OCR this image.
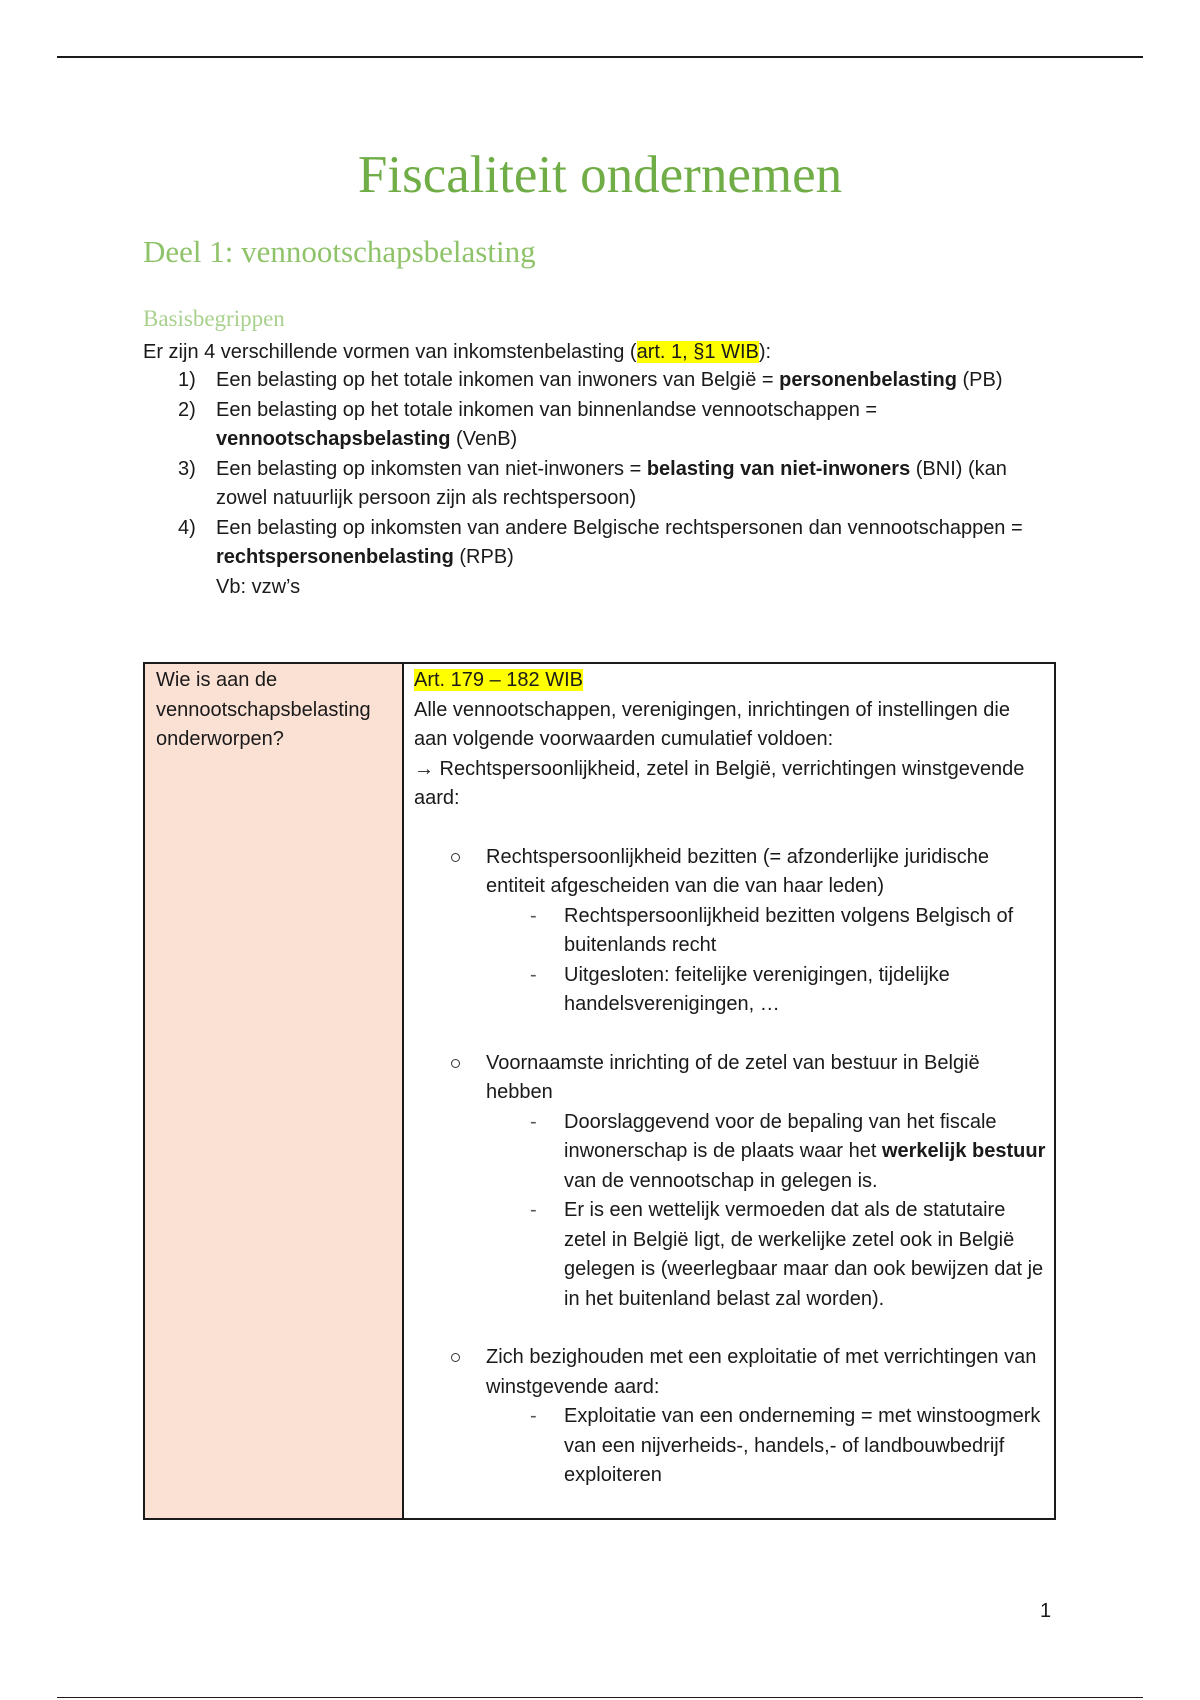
Fiscaliteit ondernemen
Deel 1: vennootschapsbelasting
Basisbegrippen
Er zijn 4 verschillende vormen van inkomstenbelasting (art. 1, §1 WIB):
1) Een belasting op het totale inkomen van inwoners van België = personenbelasting (PB)
2) Een belasting op het totale inkomen van binnenlandse vennootschappen = vennootschapsbelasting (VenB)
3) Een belasting op inkomsten van niet-inwoners = belasting van niet-inwoners (BNI) (kan zowel natuurlijk persoon zijn als rechtspersoon)
4) Een belasting op inkomsten van andere Belgische rechtspersonen dan vennootschappen = rechtspersonenbelasting (RPB)
Vb: vzw’s
Wie is aan de vennootschapsbelasting onderworpen?
Art. 179 – 182 WIB
Alle vennootschappen, verenigingen, inrichtingen of instellingen die aan volgende voorwaarden cumulatief voldoen:
→ Rechtspersoonlijkheid, zetel in België, verrichtingen winstgevende aard:
Rechtspersoonlijkheid bezitten (= afzonderlijke juridische entiteit afgescheiden van die van haar leden)
- Rechtspersoonlijkheid bezitten volgens Belgisch of buitenlands recht
- Uitgesloten: feitelijke verenigingen, tijdelijke handelsverenigingen, …
Voornaamste inrichting of de zetel van bestuur in België hebben
- Doorslaggevend voor de bepaling van het fiscale inwonerschap is de plaats waar het werkelijk bestuur van de vennootschap in gelegen is.
- Er is een wettelijk vermoeden dat als de statutaire zetel in België ligt, de werkelijke zetel ook in België gelegen is (weerlegbaar maar dan ook bewijzen dat je in het buitenland belast zal worden).
Zich bezighouden met een exploitatie of met verrichtingen van winstgevende aard:
- Exploitatie van een onderneming = met winstoogmerk van een nijverheids-, handels,- of landbouwbedrijf exploiteren
1
